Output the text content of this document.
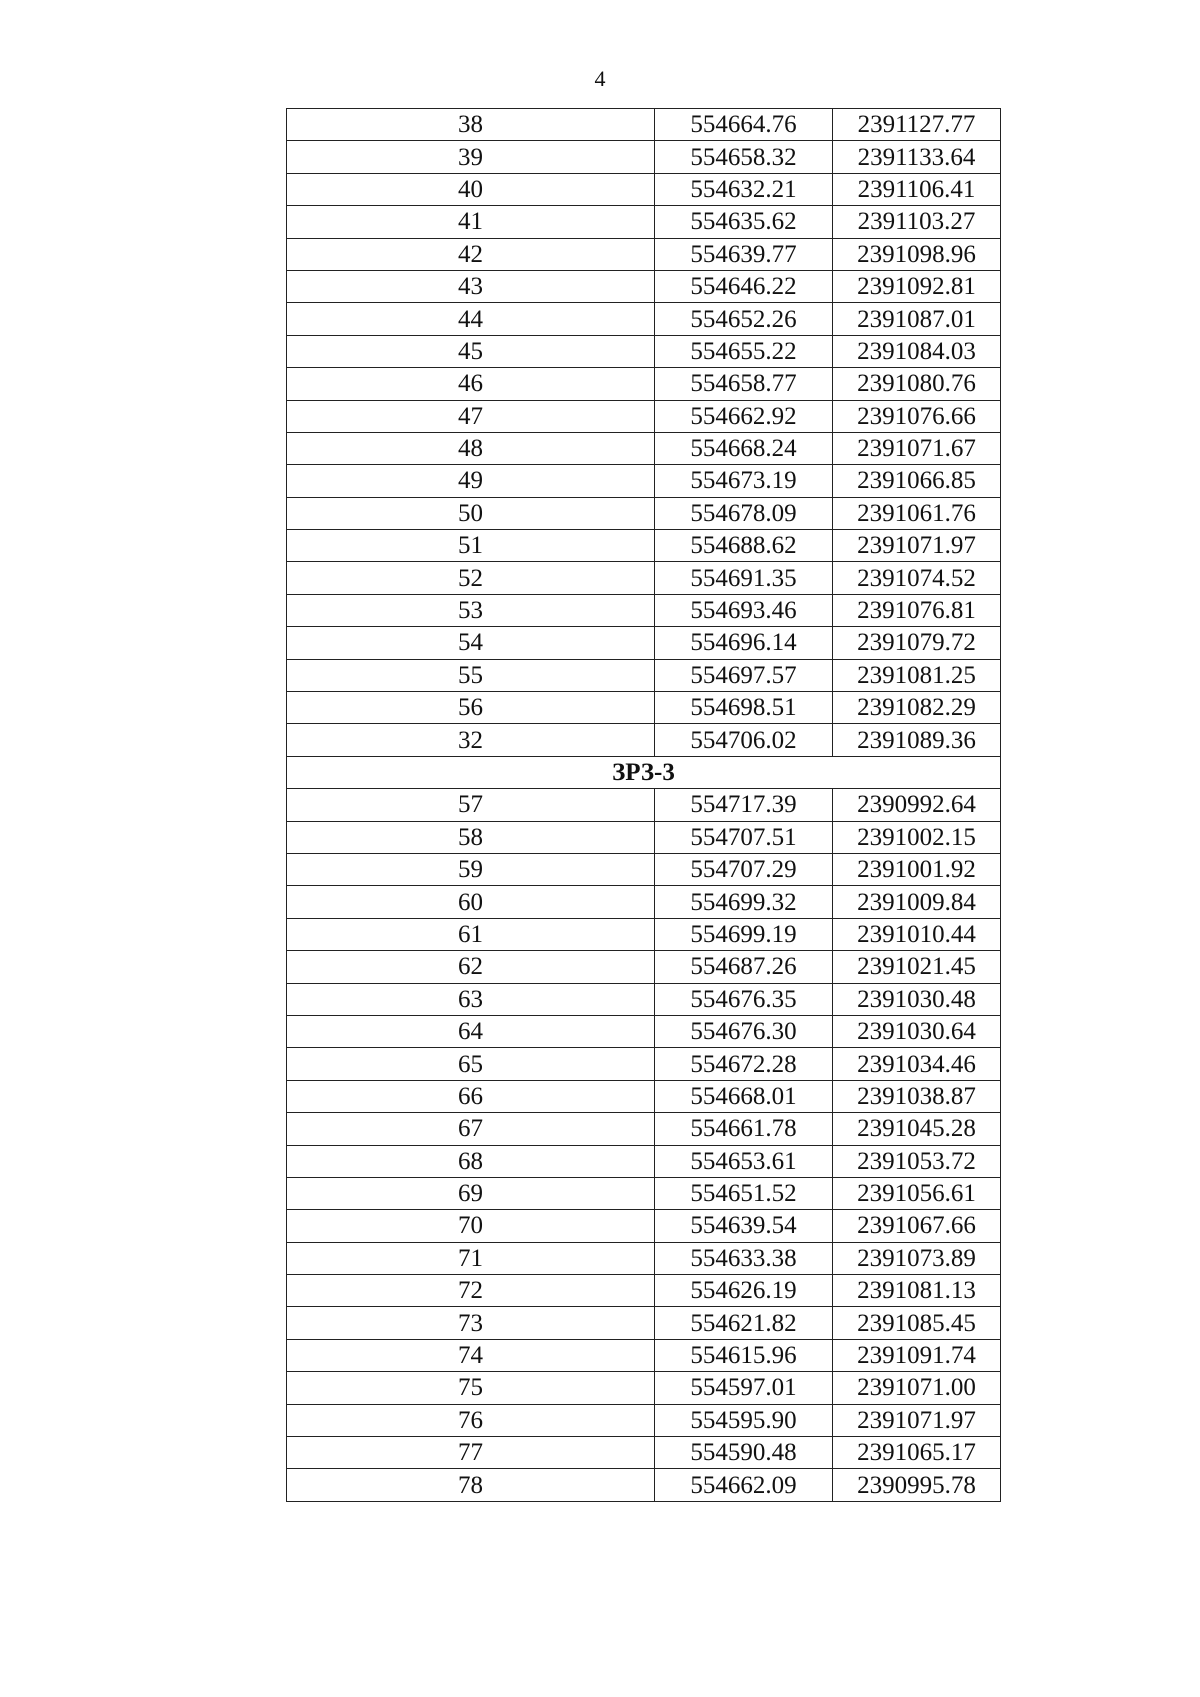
4
38	554664.76	2391127.77
39	554658.32	2391133.64
40	554632.21	2391106.41
41	554635.62	2391103.27
42	554639.77	2391098.96
43	554646.22	2391092.81
44	554652.26	2391087.01
45	554655.22	2391084.03
46	554658.77	2391080.76
47	554662.92	2391076.66
48	554668.24	2391071.67
49	554673.19	2391066.85
50	554678.09	2391061.76
51	554688.62	2391071.97
52	554691.35	2391074.52
53	554693.46	2391076.81
54	554696.14	2391079.72
55	554697.57	2391081.25
56	554698.51	2391082.29
32	554706.02	2391089.36
ЗРЗ-3		
57	554717.39	2390992.64
58	554707.51	2391002.15
59	554707.29	2391001.92
60	554699.32	2391009.84
61	554699.19	2391010.44
62	554687.26	2391021.45
63	554676.35	2391030.48
64	554676.30	2391030.64
65	554672.28	2391034.46
66	554668.01	2391038.87
67	554661.78	2391045.28
68	554653.61	2391053.72
69	554651.52	2391056.61
70	554639.54	2391067.66
71	554633.38	2391073.89
72	554626.19	2391081.13
73	554621.82	2391085.45
74	554615.96	2391091.74
75	554597.01	2391071.00
76	554595.90	2391071.97
77	554590.48	2391065.17
78	554662.09	2390995.78
